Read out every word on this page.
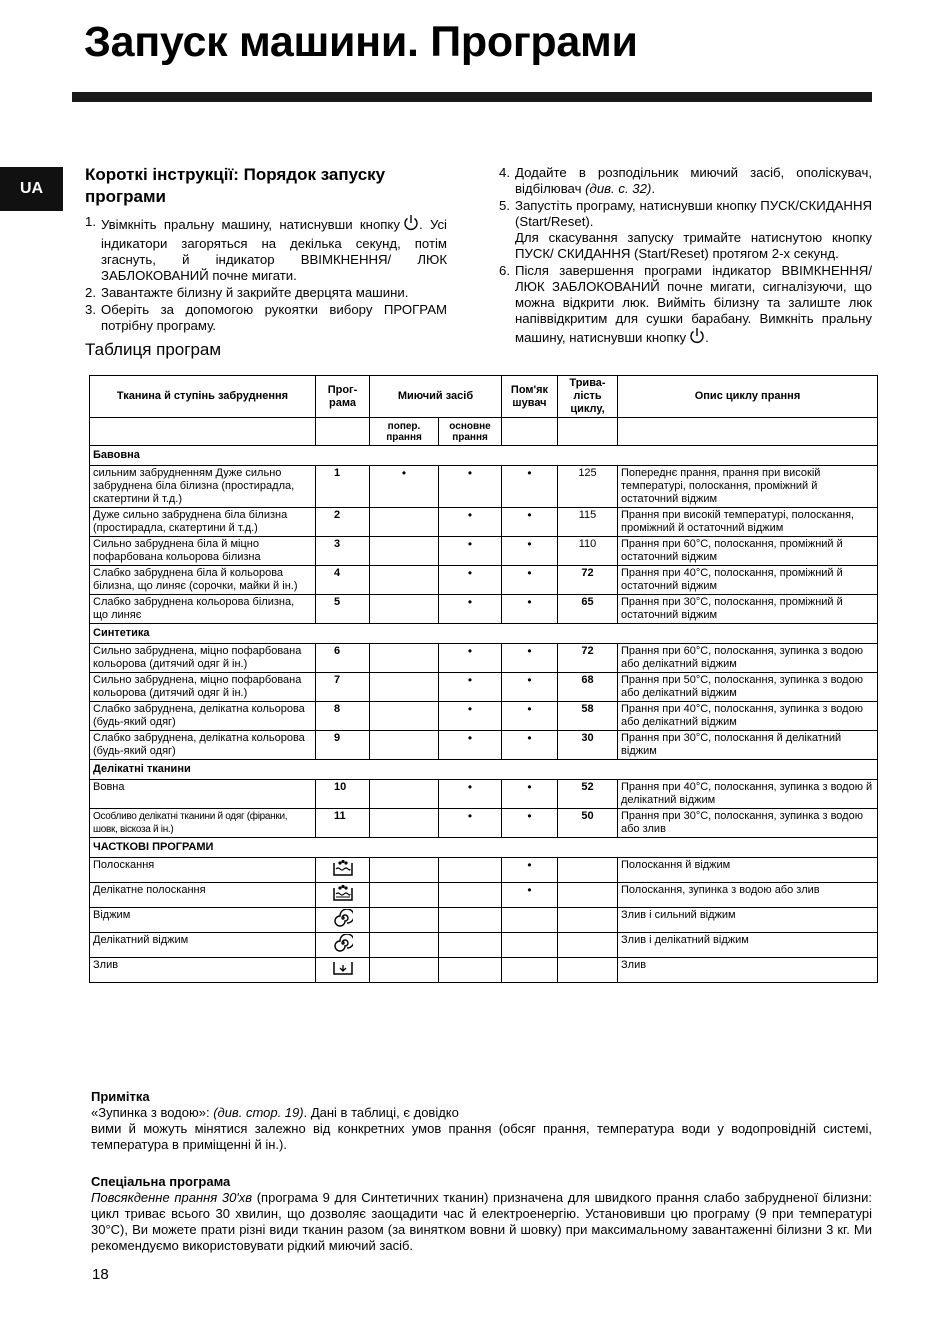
Запуск машини. Програми
UA
Короткі інструкції: Порядок запуску програми
1. Увімкніть пральну машину, натиснувши кнопку . Усі індикатори загоряться на декілька секунд, потім згаснуть, й індикатор ВВІМКНЕННЯ/ ЛЮК ЗАБЛОКОВАНИЙ почне мигати.
2. Завантажте білизну й закрийте дверцята машини.
3. Оберіть за допомогою рукоятки вибору ПРОГРАМ потрібну програму.
Таблиця програм
4. Додайте в розподільник миючий засіб, ополіскувач, відбілювач (див. с. 32).
5. Запустіть програму, натиснувши кнопку ПУСК/СКИДАННЯ (Start/Reset).

Для скасування запуску тримайте натиснутою кнопку ПУСК/ СКИДАННЯ (Start/Reset) протягом 2-х секунд.

6. Після завершення програми індикатор ВВІМКНЕННЯ/ЛЮК ЗАБЛОКОВАНИЙ почне мигати, сигналізуючи, що можна відкрити люк. Вийміть білизну та залиште люк напіввідкритим для сушки барабану. Вимкніть пральну машину, натиснувши кнопку .
Тканина й ступінь забруднення	Прог-рама	Миючий засіб		Пом'як шувач	Трива-лість циклу,	Опис циклу прання
		попер. прання	основне прання			
Бавовна						
сильним забрудненням Дуже сильно забруднена біла білизна (простирадла, скатертини й т.д.)	1	•	•	•	125	Попереднє прання, прання при високій температурі, полоскання, проміжний й остаточний віджим
Дуже сильно забруднена біла білизна (простирадла, скатертини й т.д.)	2		•	•	115	Прання при високій температурі, полоскання, проміжний й остаточний віджим
Сильно забруднена біла й міцно пофарбована кольорова білизна	3		•	•	110	Прання при 60°С, полоскання, проміжний й остаточний віджим
Слабко забруднена біла й кольорова білизна, що линяє (сорочки, майки й ін.)	4		•	•	72	Прання при 40°С, полоскання, проміжний й остаточний віджим
Слабко забруднена кольорова білизна, що линяє	5		•	•	65	Прання при 30°С, полоскання, проміжний й остаточний віджим
Синтетика						
Сильно забруднена, міцно пофарбована кольорова (дитячий одяг й ін.)	6		•	•	72	Прання при 60°С, полоскання, зупинка з водою або делікатний віджим
Сильно забруднена, міцно пофарбована кольорова (дитячий одяг й ін.)	7		•	•	68	Прання при 50°С, полоскання, зупинка з водою або делікатний віджим
Слабко забруднена, делікатна кольорова (будь-який одяг)	8		•	•	58	Прання при 40°С, полоскання, зупинка з водою або делікатний віджим
Слабко забруднена, делікатна кольорова (будь-який одяг)	9		•	•	30	Прання при 30°С, полоскання й делікатний віджим
Делікатні тканини						
Вовна	10		•	•	52	Прання при 40°С, полоскання, зупинка з водою й делікатний віджим
Особливо делікатні тканини й одяг (фіранки, шовк, віскоза й ін.)	11		•	•	50	Прання при 30°С, полоскання, зупинка з водою або злив
ЧАСТКОВІ ПРОГРАМИ						
Полоскання				•		Полоскання й віджим
Делікатне полоскання				•		Полоскання, зупинка з водою або злив
Віджим						Злив і сильний віджим
Делікатний віджим						Злив і делікатний віджим
Злив						Злив
Примітка

«Зупинка з водою»: (див. стор. 19). Дані в таблиці, є довідко

вими й можуть мінятися залежно від конкретних умов прання (обсяг прання, температура води у водопровідній системі, температура в приміщенні й ін.).

Спеціальна програма

Повсякденне прання 30'хв (програма 9 для Синтетичних тканин) призначена для швидкого прання слабо забрудненої білизни: цикл триває всього 30 хвилин, що дозволяє заощадити час й електроенергію. Установивши цю програму (9 при температурі 30°С), Ви можете прати різні види тканин разом (за винятком вовни й шовку) при максимальному завантаженні білизни 3 кг. Ми рекомендуємо використовувати рідкий миючий засіб.

18
